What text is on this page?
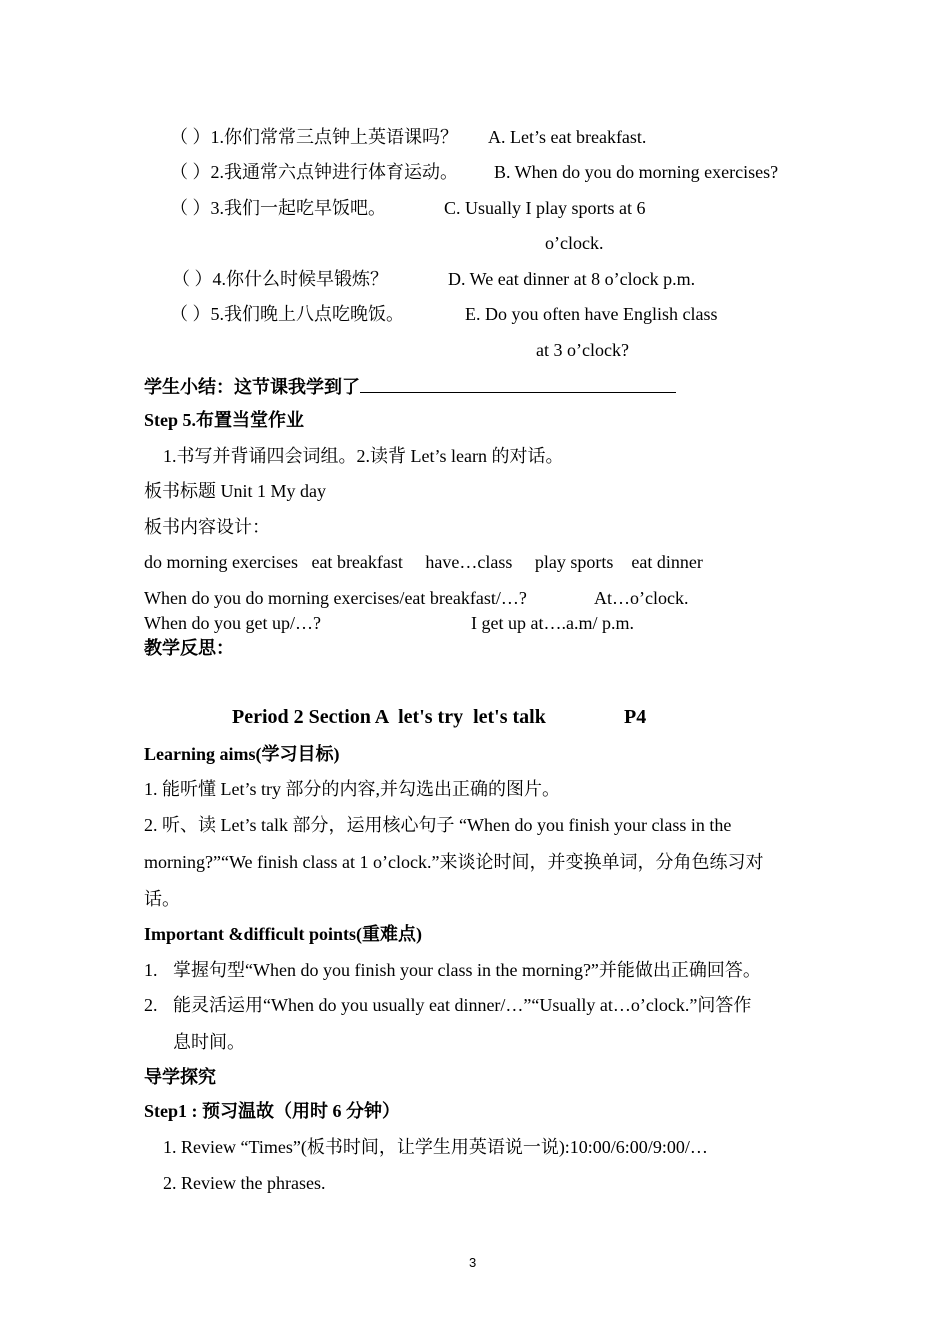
（ ）1.你们常常三点钟上英语课吗？ A. Let’s eat breakfast.
（ ）2.我通常六点钟进行体育运动。 B. When do you do morning exercises?
（ ）3.我们一起吃早饭吧。	C. Usually I play sports at 6
o’clock.
（ ）4.你什么时候早锻炼？	D. We eat dinner at 8 o’clock p.m.
（ ）5.我们晚上八点吃晚饭。	E. Do you often have English class
at 3 o’clock?
学生小结：这节课我学到了
Step 5.布置当堂作业
1.书写并背诵四会词组。2.读背 Let’s learn 的对话。
板书标题 Unit 1 My day
板书内容设计：
do morning exercises   eat breakfast     have…class     play sports    eat dinner
When do you do morning exercises/eat breakfast/…?	At…o’clock.
When do you get up/…?	I get up at….a.m/ p.m.
教学反思：
Period 2 Section A  let's try  let's talk	P4
Learning aims(学习目标)
1. 能听懂 Let’s try 部分的内容,并勾选出正确的图片。
2. 听、读 Let’s talk 部分，运用核心句子 “When do you finish your class in the
morning?”“We finish class at 1 o’clock.”来谈论时间，并变换单词，分角色练习对
话。
Important &difficult points(重难点)
1. 掌握句型“When do you finish your class in the morning?”并能做出正确回答。
2. 能灵活运用“When do you usually eat dinner/…”“Usually at…o’clock.”问答作
息时间。
导学探究
Step1 : 预习温故（用时 6 分钟）
1. Review “Times”(板书时间，让学生用英语说一说):10:00/6:00/9:00/…
2. Review the phrases.
3
